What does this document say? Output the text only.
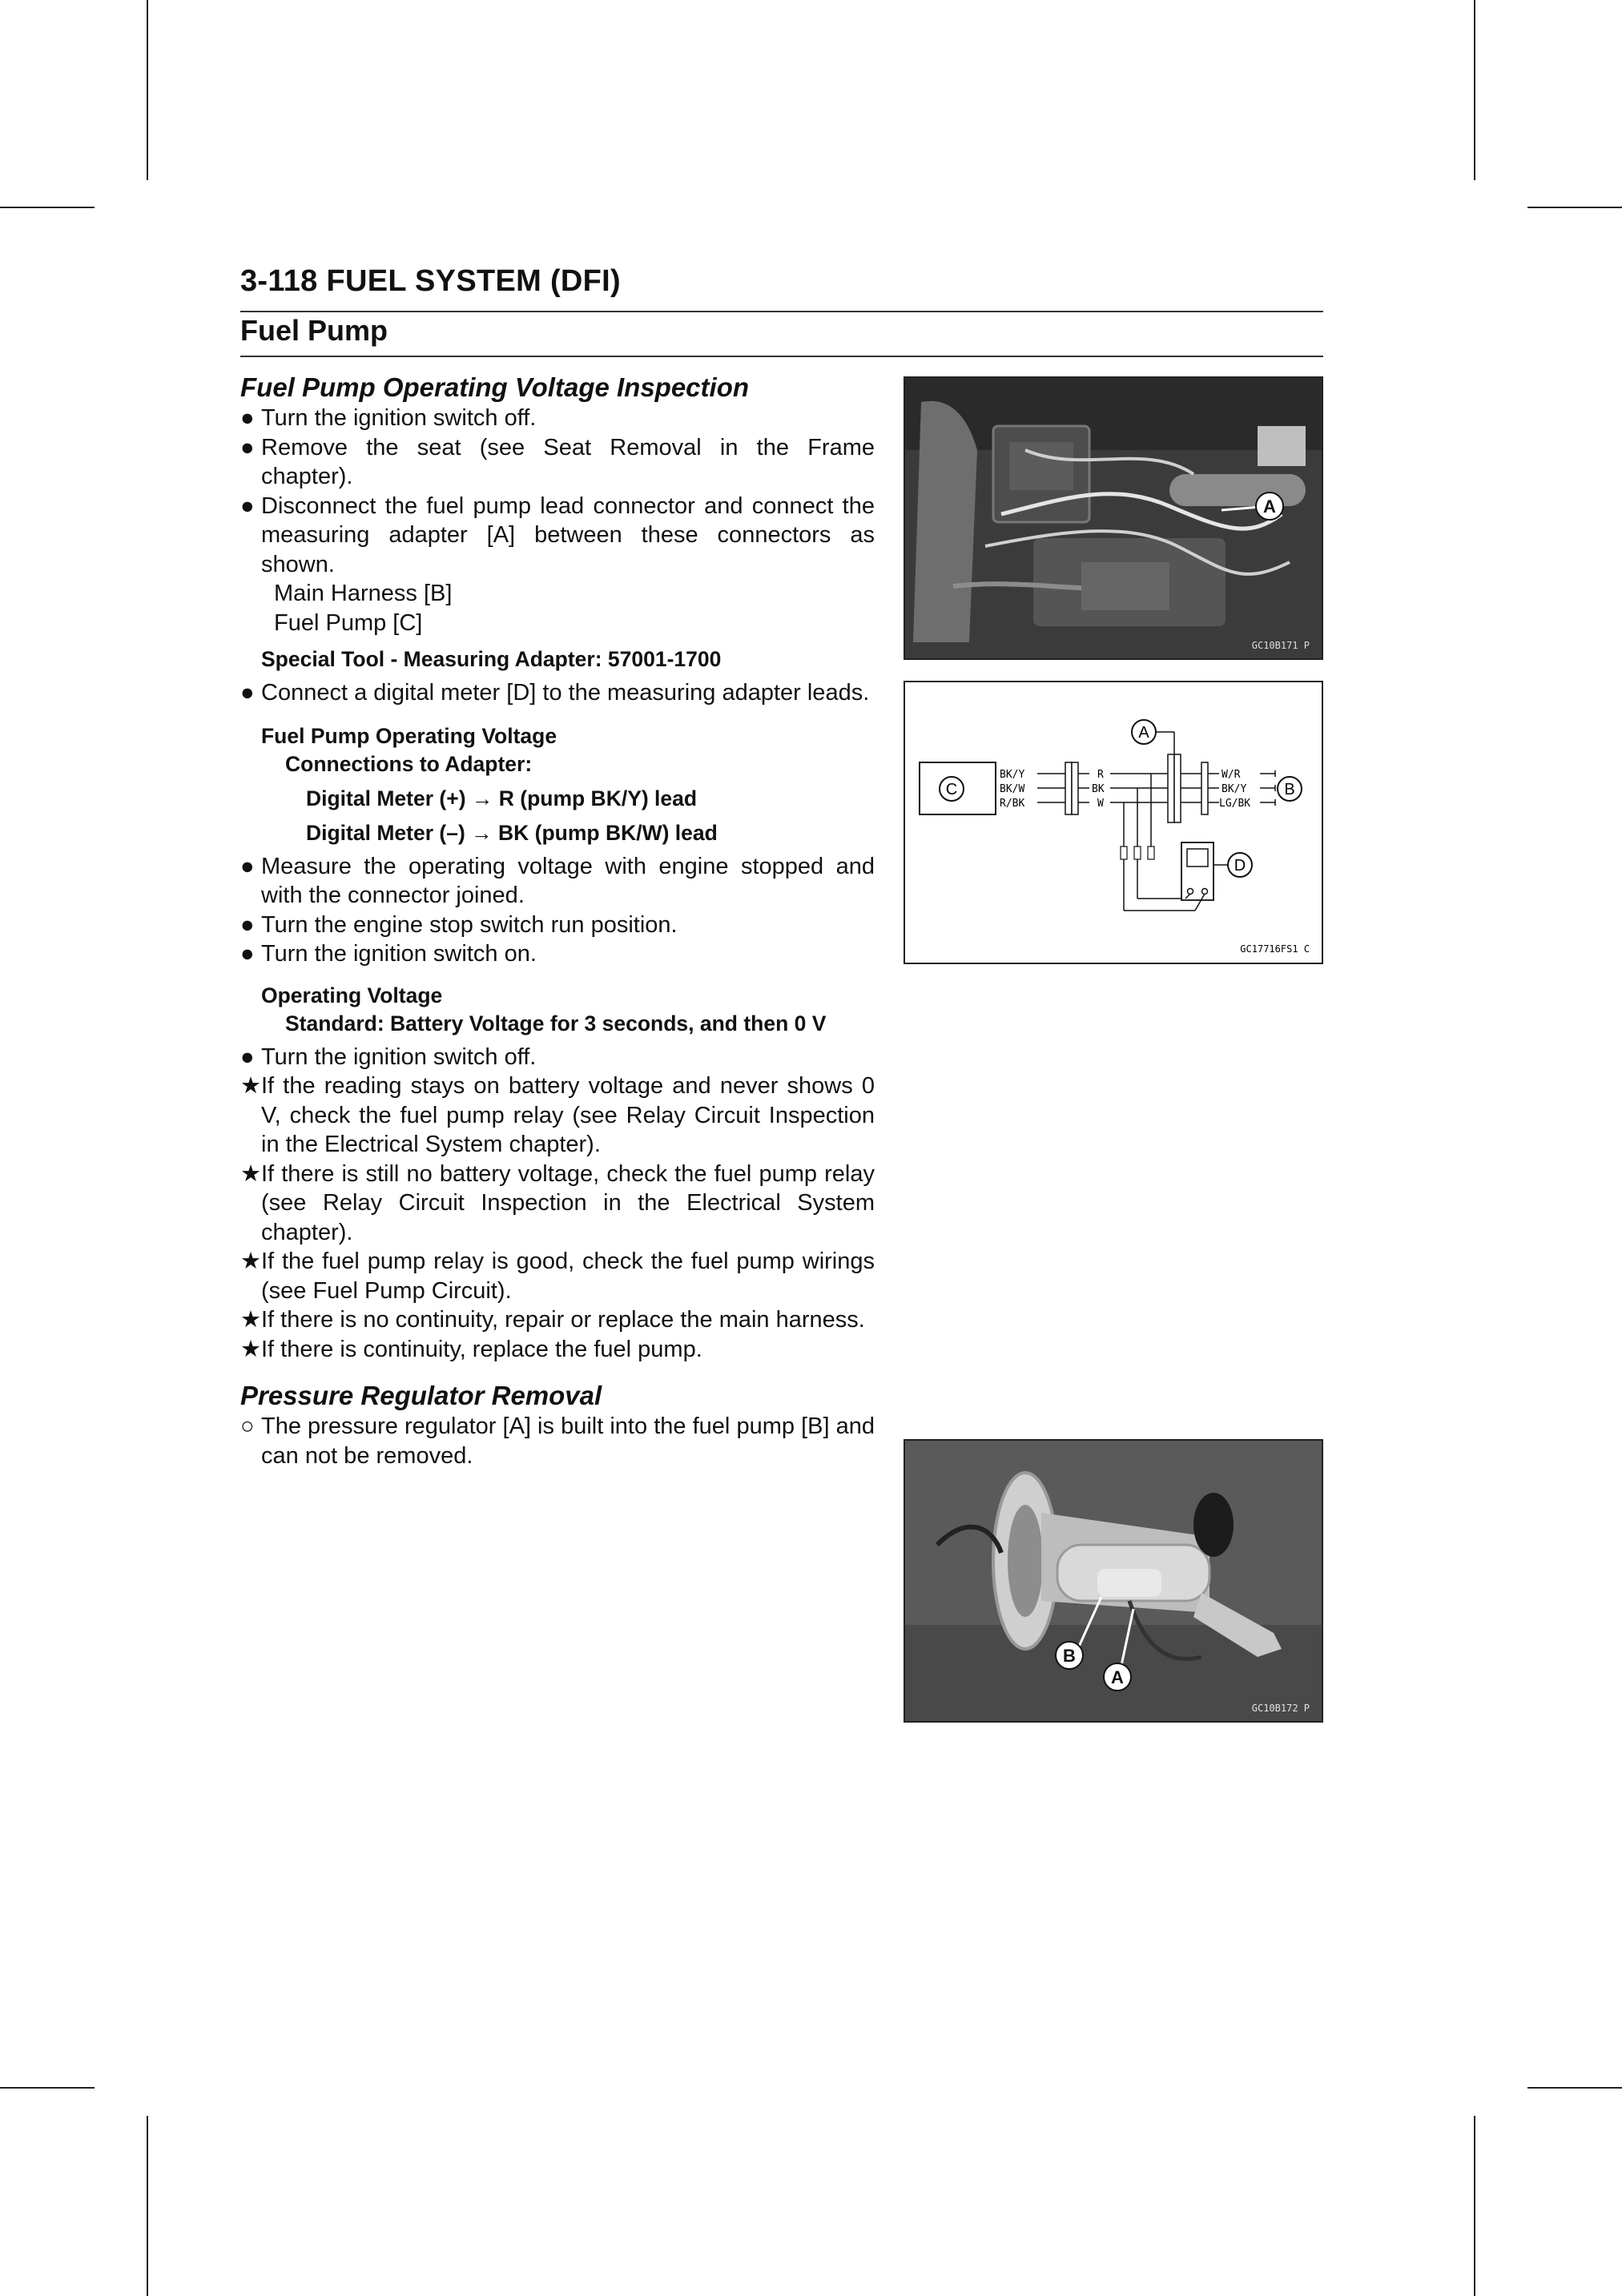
3-118 FUEL SYSTEM (DFI)
Fuel Pump

Fuel Pump Operating Voltage Inspection

● Turn the ignition switch off.

● Remove the seat (see Seat Removal in the Frame chapter).

● Disconnect the fuel pump lead connector and connect the measuring adapter [A] between these connectors as shown.

Main Harness [B]

Fuel Pump [C]

Special Tool - Measuring Adapter: 57001-1700

● Connect a digital meter [D] to the measuring adapter leads.

Fuel Pump Operating Voltage
Connections to Adapter:
Digital Meter (+) → R (pump BK/Y) lead
Digital Meter (–) → BK (pump BK/W) lead

● Measure the operating voltage with engine stopped and with the connector joined.

● Turn the engine stop switch run position.

● Turn the ignition switch on.

Operating Voltage
Standard: Battery Voltage for 3 seconds, and then 0 V

● Turn the ignition switch off.

★ If the reading stays on battery voltage and never shows 0 V, check the fuel pump relay (see Relay Circuit Inspection in the Electrical System chapter).

★ If there is still no battery voltage, check the fuel pump relay (see Relay Circuit Inspection in the Electrical System chapter).

★ If the fuel pump relay is good, check the fuel pump wirings (see Fuel Pump Circuit).

★ If there is no continuity, repair or replace the main harness.

★ If there is continuity, replace the fuel pump.

Pressure Regulator Removal

○ The pressure regulator [A] is built into the fuel pump [B] and can not be removed.

A
GC10B171 P
C
BK/Y
BK/W
R/BK
R
BK
W
A
W/R
BK/Y
LG/BK
B
D
GC17716FS1 C
B
A
GC10B172 P
